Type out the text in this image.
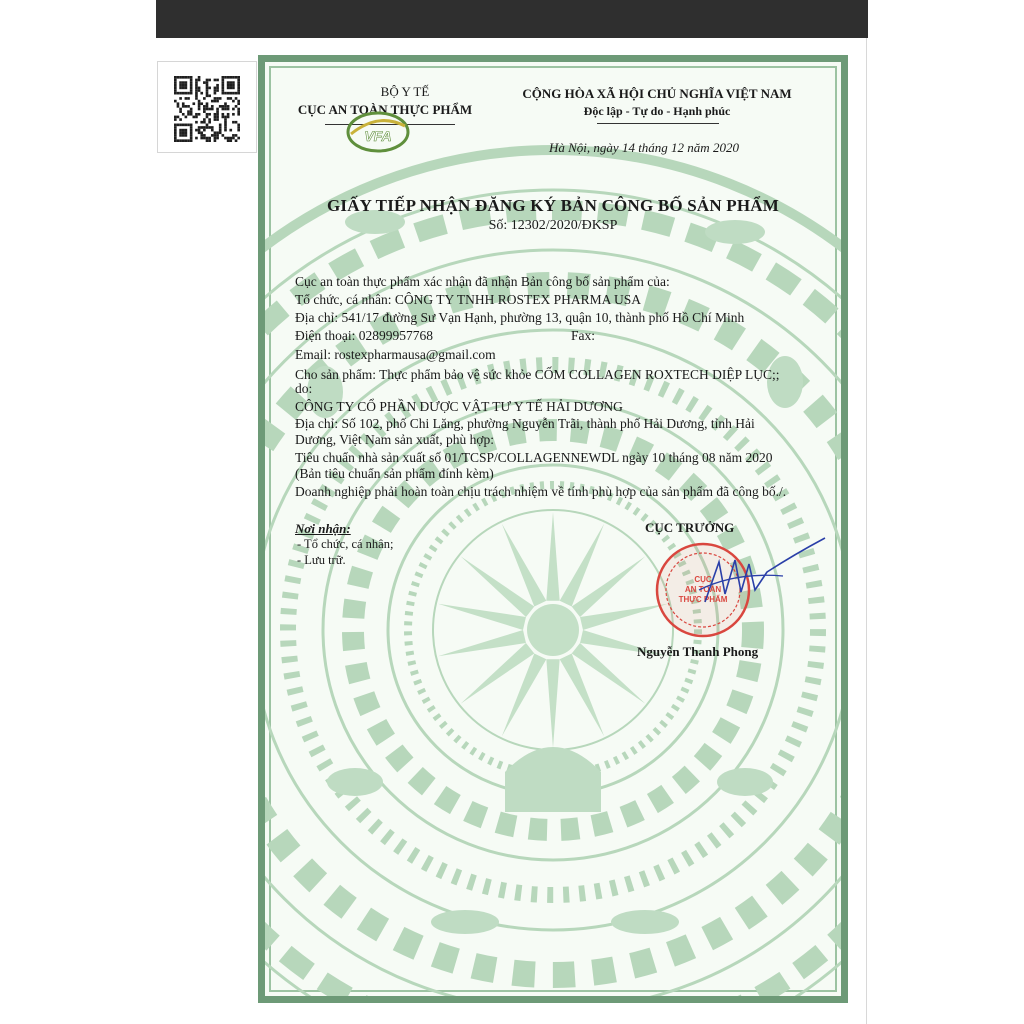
BỘ Y TẾ
CỤC AN TOÀN THỰC PHẨM
VFA
CỘNG HÒA XÃ HỘI CHỦ NGHĨA VIỆT NAM
Độc lập - Tự do - Hạnh phúc
Hà Nội, ngày 14 tháng 12 năm 2020
GIẤY TIẾP NHẬN ĐĂNG KÝ BẢN CÔNG BỐ SẢN PHẨM
Số: 12302/2020/ĐKSP
Cục an toàn thực phẩm xác nhận đã nhận Bản công bố sản phẩm của:
Tổ chức, cá nhân: CÔNG TY TNHH ROSTEX PHARMA USA
Địa chỉ: 541/17 đường Sư Vạn Hạnh, phường 13, quận 10, thành phố Hồ Chí Minh
Điện thoại: 02899957768	Fax:
Email: rostexpharmausa@gmail.com
Cho sản phẩm: Thực phẩm bảo vệ sức khỏe CỐM COLLAGEN ROXTECH DIỆP LỤC;;
do:
CÔNG TY CỔ PHẦN DƯỢC VẬT TƯ Y TẾ HẢI DƯƠNG
Địa chỉ: Số 102, phố Chi Lăng, phường Nguyễn Trãi, thành phố Hải Dương, tỉnh Hải
Dương, Việt Nam sản xuất, phù hợp:
Tiêu chuẩn nhà sản xuất số 01/TCSP/COLLAGENNEWDL ngày 10 tháng 08 năm 2020
(Bản tiêu chuẩn sản phẩm đính kèm)
Doanh nghiệp phải hoàn toàn chịu trách nhiệm về tính phù hợp của sản phẩm đã công bố./.
Nơi nhận:
- Tổ chức, cá nhân;
- Lưu trữ.
CỤC TRƯỞNG
CỤC
AN TOÀN
THỰC PHẨM
Nguyễn Thanh Phong
